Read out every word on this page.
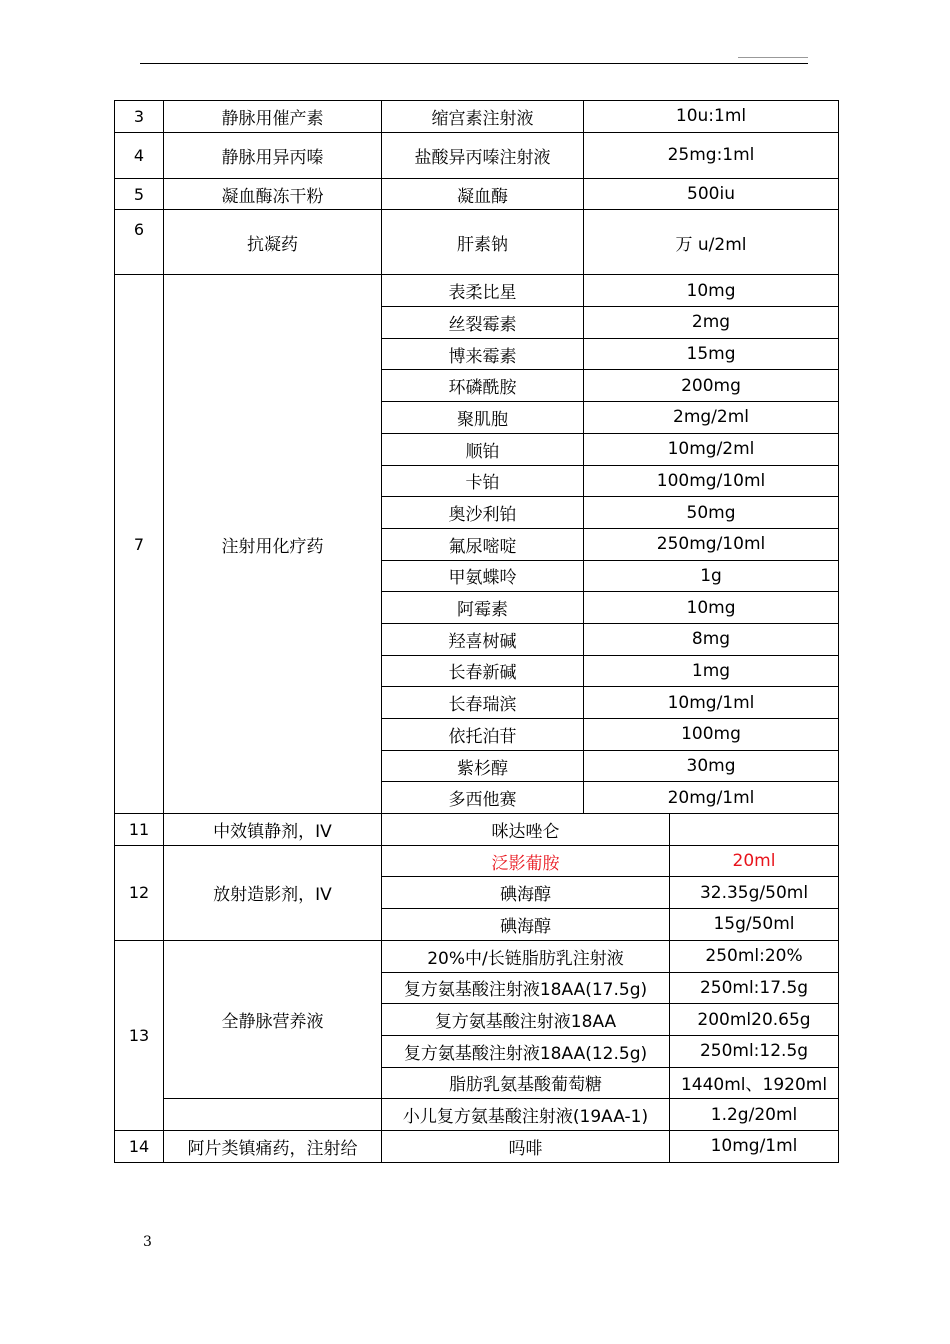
3	静脉用催产素	缩宫素注射液	10u:1ml	
4	静脉用异丙嗪	盐酸异丙嗪注射液	25mg:1ml	
5	凝血酶冻干粉	凝血酶	500iu	
6	抗凝药	肝素钠	万 u/2ml	
7	注射用化疗药	表柔比星	10mg	
		丝裂霉素	2mg	
		博来霉素	15mg	
		环磷酰胺	200mg	
		聚肌胞	2mg/2ml	
		顺铂	10mg/2ml	
		卡铂	100mg/10ml	
		奥沙利铂	50mg	
		氟尿嘧啶	250mg/10ml	
		甲氨蝶呤	1g	
		阿霉素	10mg	
		羟喜树碱	8mg	
		长春新碱	1mg	
		长春瑞滨	10mg/1ml	
		依托泊苷	100mg	
		紫杉醇	30mg	
		多西他赛	20mg/1ml	
11	中效镇静剂，IV	咪达唑仑		
12	放射造影剂，IV	泛影葡胺		20ml
		碘海醇		32.35g/50ml
		碘海醇		15g/50ml
13	全静脉营养液	20%中/长链脂肪乳注射液		250ml:20%
		复方氨基酸注射液18AA(17.5g)		250ml:17.5g
		复方氨基酸注射液18AA		200ml20.65g
		复方氨基酸注射液18AA(12.5g)		250ml:12.5g
		脂肪乳氨基酸葡萄糖		1440ml、1920ml
		小儿复方氨基酸注射液(19AA-1)		1.2g/20ml
14	阿片类镇痛药，注射给	吗啡		10mg/1ml
3
